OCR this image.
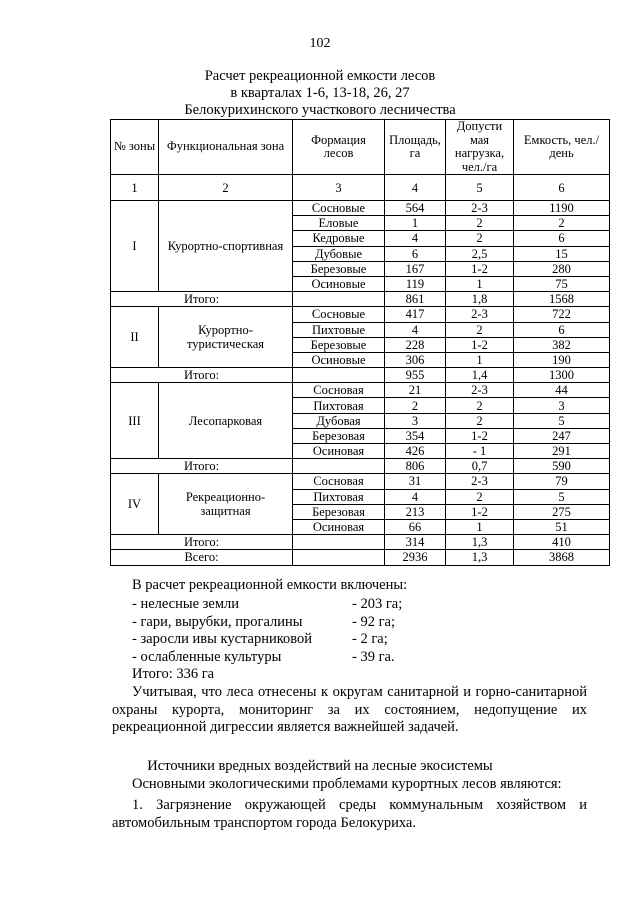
102
Расчет рекреационной емкости лесов
в кварталах 1-6, 13-18, 26, 27
Белокурихинского участкового лесничества
№ зоны	Функциональная зона	Формация лесов	Площадь, га	Допусти мая нагрузка, чел./га	Емкость, чел./день
1	2	3	4	5	6
I	Курортно-спортивная	Сосновые	564	2-3	1190
		Еловые	1	2	2
		Кедровые	4	2	6
		Дубовые	6	2,5	15
		Березовые	167	1-2	280
		Осиновые	119	1	75
Итого:			861	1,8	1568
II	Курортно-туристическая	Сосновые	417	2-3	722
		Пихтовые	4	2	6
		Березовые	228	1-2	382
		Осиновые	306	1	190
Итого:			955	1,4	1300
III	Лесопарковая	Сосновая	21	2-3	44
		Пихтовая	2	2	3
		Дубовая	3	2	5
		Березовая	354	1-2	247
		Осиновая	426	- 1	291
Итого:			806	0,7	590
IV	Рекреационно-защитная	Сосновая	31	2-3	79
		Пихтовая	4	2	5
		Березовая	213	1-2	275
		Осиновая	66	1	51
Итого:			314	1,3	410
Всего:			2936	1,3	3868
В расчет рекреационной емкости включены:
- нелесные земли	- 203 га;
- гари, вырубки, прогалины	- 92 га;
- заросли ивы кустарниковой	- 2 га;
- ослабленные культуры	- 39 га.
Итого: 336 га
Учитывая, что леса отнесены к округам санитарной и горно-санитарной охраны курорта, мониторинг за их состоянием, недопущение их рекреационной дигрессии является важнейшей задачей.
Источники вредных воздействий на лесные экосистемы
Основными экологическими проблемами курортных лесов являются:
1. Загрязнение окружающей среды коммунальным хозяйством и автомобильным транспортом города Белокуриха.
